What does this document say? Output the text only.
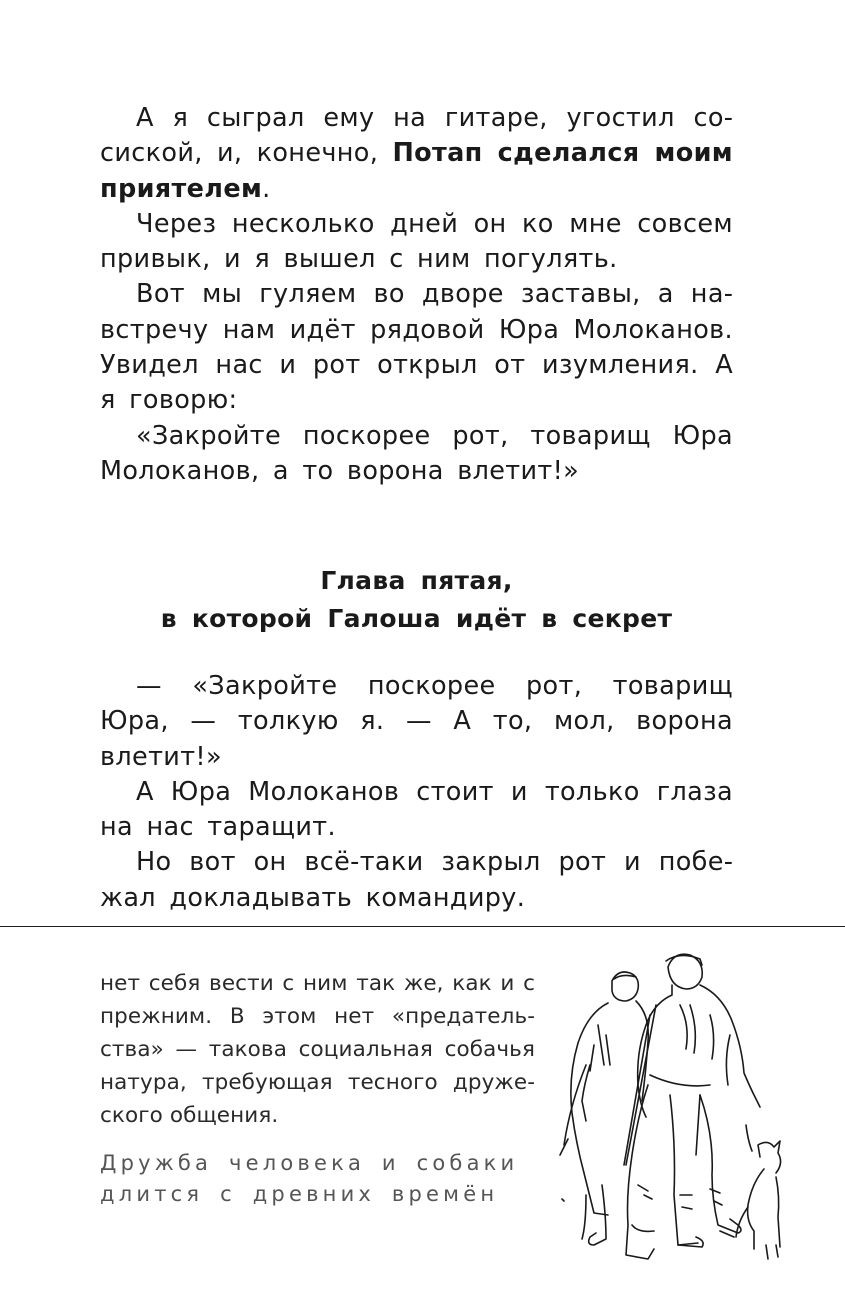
А я сыграл ему на гитаре, угостил сосиской, и, конечно, Потап сделался моим приятелем.

Через несколько дней он ко мне совсем привык, и я вышел с ним погулять.

Вот мы гуляем во дворе заставы, а навстречу нам идёт рядовой Юра Молоканов. Увидел нас и рот открыл от изумления. А я говорю:

«Закройте поскорее рот, товарищ Юра Молоканов, а то ворона влетит!»

Глава пятая,
в которой Галоша идёт в секрет

— «Закройте поскорее рот, товарищ Юра, — толкую я. — А то, мол, ворона влетит!»

А Юра Молоканов стоит и только глаза на нас таращит.

Но вот он всё-таки закрыл рот и побежал докладывать командиру.

нет себя вести с ним так же, как и с прежним. В этом нет «предательства» — такова социальная собачья натура, требующая тесного дружеского общения.

Дружба человека и собаки
длится с древних времён
